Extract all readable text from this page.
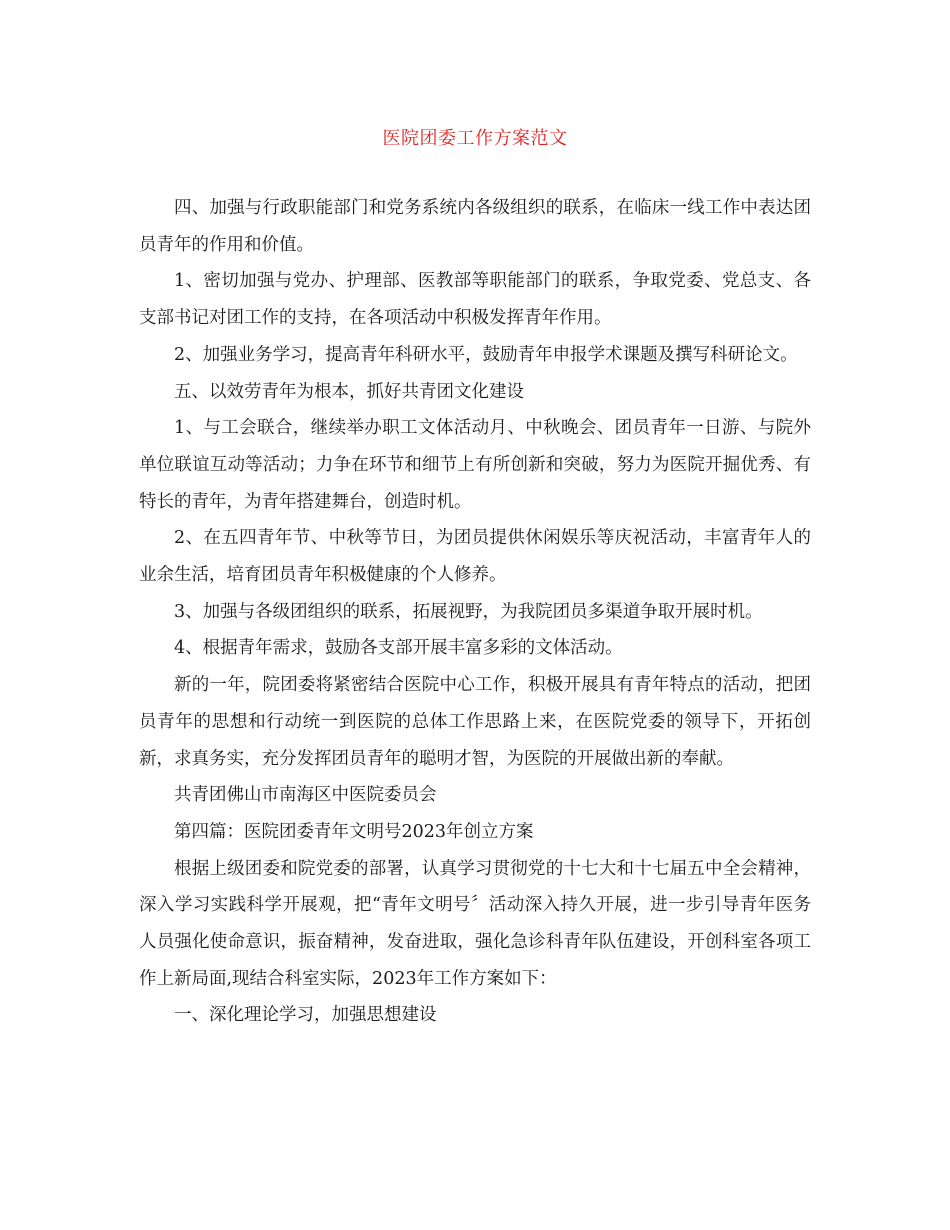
医院团委工作方案范文

四、加强与行政职能部门和党务系统内各级组织的联系，在临床一线工作中表达团员青年的作用和价值。

1、密切加强与党办、护理部、医教部等职能部门的联系，争取党委、党总支、各支部书记对团工作的支持，在各项活动中积极发挥青年作用。

2、加强业务学习，提高青年科研水平，鼓励青年申报学术课题及撰写科研论文。

五、以效劳青年为根本，抓好共青团文化建设

1、与工会联合，继续举办职工文体活动月、中秋晚会、团员青年一日游、与院外单位联谊互动等活动；力争在环节和细节上有所创新和突破，努力为医院开掘优秀、有特长的青年，为青年搭建舞台，创造时机。

2、在五四青年节、中秋等节日，为团员提供休闲娱乐等庆祝活动，丰富青年人的业余生活，培育团员青年积极健康的个人修养。

3、加强与各级团组织的联系，拓展视野，为我院团员多渠道争取开展时机。

4、根据青年需求，鼓励各支部开展丰富多彩的文体活动。

新的一年，院团委将紧密结合医院中心工作，积极开展具有青年特点的活动，把团员青年的思想和行动统一到医院的总体工作思路上来，在医院党委的领导下，开拓创新，求真务实，充分发挥团员青年的聪明才智，为医院的开展做出新的奉献。

共青团佛山市南海区中医院委员会

第四篇：医院团委青年文明号2023年创立方案

根据上级团委和院党委的部署，认真学习贯彻党的十七大和十七届五中全会精神，深入学习实践科学开展观，把“青年文明号〞活动深入持久开展，进一步引导青年医务人员强化使命意识，振奋精神，发奋进取，强化急诊科青年队伍建设，开创科室各项工作上新局面,现结合科室实际，2023年工作方案如下：

一、深化理论学习，加强思想建设
